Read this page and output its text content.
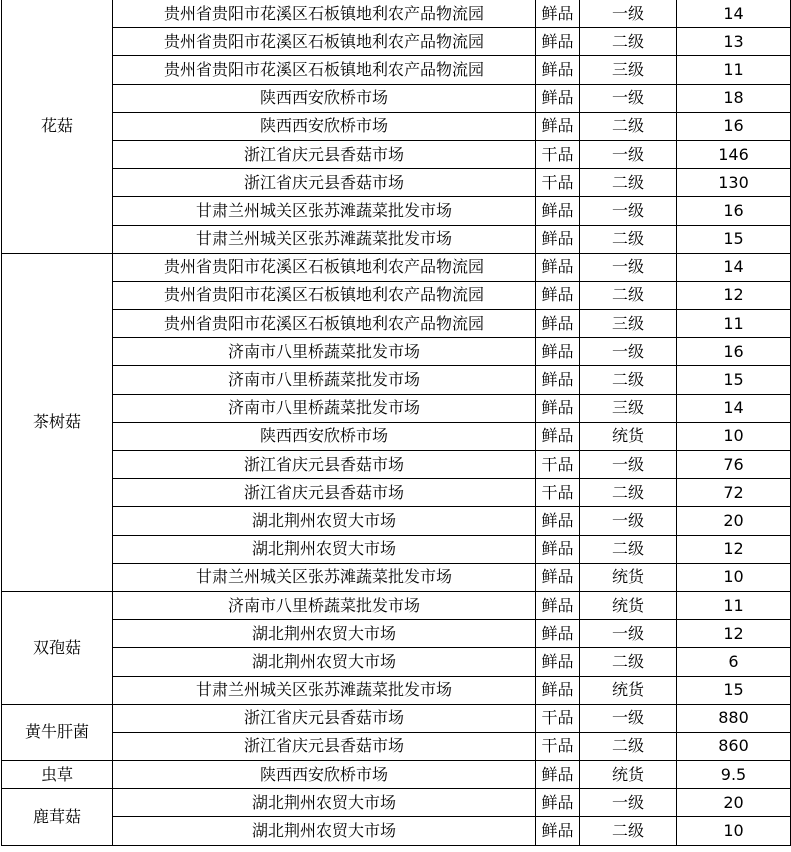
花菇	贵州省贵阳市花溪区石板镇地利农产品物流园	鲜品	一级	14
	贵州省贵阳市花溪区石板镇地利农产品物流园	鲜品	二级	13
	贵州省贵阳市花溪区石板镇地利农产品物流园	鲜品	三级	11
	陕西西安欣桥市场	鲜品	一级	18
	陕西西安欣桥市场	鲜品	二级	16
	浙江省庆元县香菇市场	干品	一级	146
	浙江省庆元县香菇市场	干品	二级	130
	甘肃兰州城关区张苏滩蔬菜批发市场	鲜品	一级	16
	甘肃兰州城关区张苏滩蔬菜批发市场	鲜品	二级	15
茶树菇	贵州省贵阳市花溪区石板镇地利农产品物流园	鲜品	一级	14
	贵州省贵阳市花溪区石板镇地利农产品物流园	鲜品	二级	12
	贵州省贵阳市花溪区石板镇地利农产品物流园	鲜品	三级	11
	济南市八里桥蔬菜批发市场	鲜品	一级	16
	济南市八里桥蔬菜批发市场	鲜品	二级	15
	济南市八里桥蔬菜批发市场	鲜品	三级	14
	陕西西安欣桥市场	鲜品	统货	10
	浙江省庆元县香菇市场	干品	一级	76
	浙江省庆元县香菇市场	干品	二级	72
	湖北荆州农贸大市场	鲜品	一级	20
	湖北荆州农贸大市场	鲜品	二级	12
	甘肃兰州城关区张苏滩蔬菜批发市场	鲜品	统货	10
双孢菇	济南市八里桥蔬菜批发市场	鲜品	统货	11
	湖北荆州农贸大市场	鲜品	一级	12
	湖北荆州农贸大市场	鲜品	二级	6
	甘肃兰州城关区张苏滩蔬菜批发市场	鲜品	统货	15
黄牛肝菌	浙江省庆元县香菇市场	干品	一级	880
	浙江省庆元县香菇市场	干品	二级	860
虫草	陕西西安欣桥市场	鲜品	统货	9.5
鹿茸菇	湖北荆州农贸大市场	鲜品	一级	20
	湖北荆州农贸大市场	鲜品	二级	10
